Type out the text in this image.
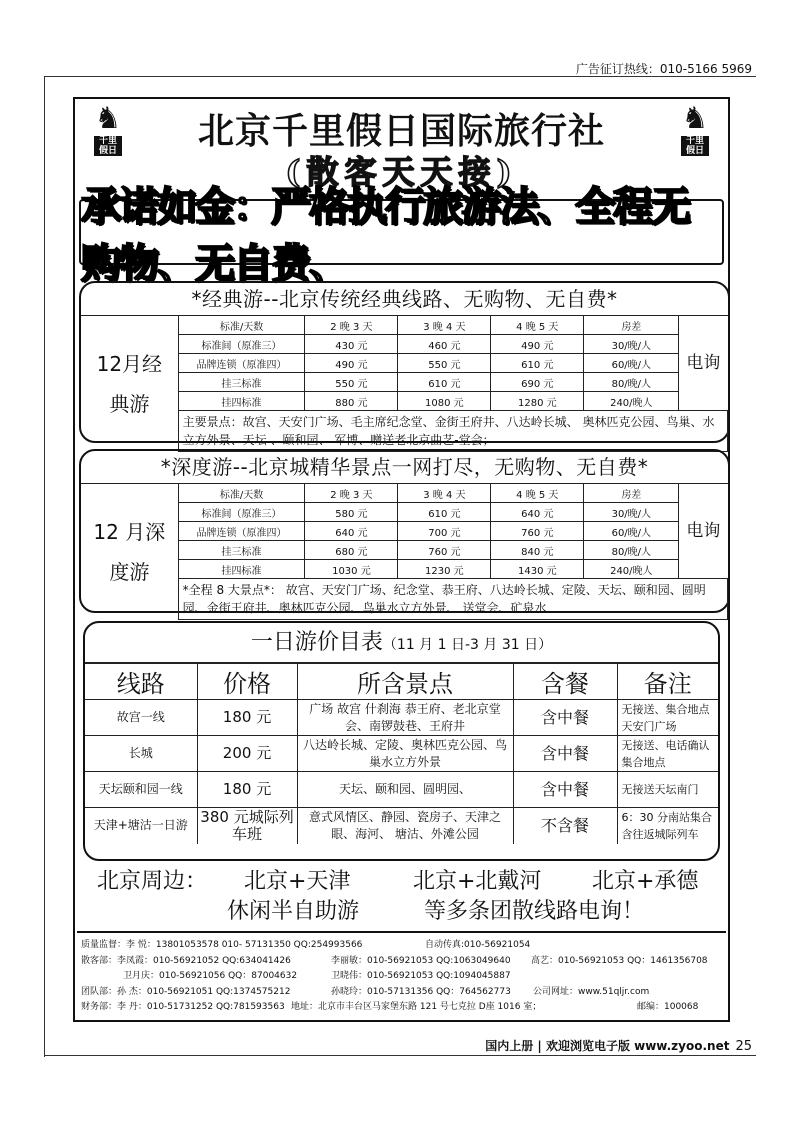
广告征订热线：010-5166 5969
♞
千里
假日
♞
千里
假日
北京千里假日国际旅行社
(散客天天接)
承诺如金：严格执行旅游法、全程无购物、无自费、
*经典游--北京传统经典线路、无购物、无自费*
12月经典游	标准/天数	2 晚 3 天	3 晚 4 天	4 晚 5 天	房差	电询
	标准间（原准三）	430 元	460 元	490 元	30/晚/人	
	品牌连锁（原准四）	490 元	550 元	610 元	60/晚/人	
	挂三标准	550 元	610 元	690 元	80/晚/人	
	挂四标准	880 元	1080 元	1280 元	240/晚人	
	主要景点：故宫、天安门广场、毛主席纪念堂、金街王府井、八达岭长城、 奥林匹克公园、鸟巢、水立方外景、天坛 、颐和园、 军博、赠送老北京曲艺-堂会；					
*深度游--北京城精华景点一网打尽，无购物、无自费*
12 月深度游	标准/天数	2 晚 3 天	3 晚 4 天	4 晚 5 天	房差	电询
	标准间（原准三）	580 元	610 元	640 元	30/晚/人	
	品牌连锁（原准四）	640 元	700 元	760 元	60/晚/人	
	挂三标准	680 元	760 元	840 元	80/晚/人	
	挂四标准	1030 元	1230 元	1430 元	240/晚人	
	*全程 8 大景点*： 故宫、天安门广场、纪念堂、恭王府、八达岭长城、定陵、天坛、颐和园、圆明园、金街王府井、奥林匹克公园、鸟巢水立方外景、 送堂会、矿泉水					
一日游价目表（11 月 1 日-3 月 31 日）
线路	价格	所含景点	含餐	备注
故宫一线	180 元	广场 故宫 什刹海 恭王府、老北京堂会、南锣鼓巷、王府井	含中餐	无接送、集合地点天安门广场
长城	200 元	八达岭长城、定陵、奥林匹克公园、鸟巢水立方外景	含中餐	无接送、电话确认集合地点
天坛颐和园一线	180 元	天坛、颐和园、圆明园、	含中餐	无接送天坛南门
天津+塘沽一日游	380 元城际列车班	意式风情区、静园、瓷房子、天津之眼、海河、 塘沽、外滩公园	不含餐	6：30 分南站集合含往返城际列车
北京周边： 北京+天津	北京+北戴河 北京+承德
休闲半自助游	等多条团散线路电询！
质量监督：李 悦：13801053578 010- 57131350 QQ:254993566	自动传真:010-56921054
散客部：李凤霞：010-56921052 QQ:634041426	李丽敏：010-56921053 QQ:1063049640 高艺：010-56921053 QQ：1461356708
卫月庆：010-56921056 QQ：87004632	卫晓伟：010-56921053 QQ:1094045887
团队部：孙 杰：010-56921051 QQ:1374575212	孙晓玲：010-57131356 QQ：764562773 公司网址：www.51qljr.com
财务部：李 丹：010-51731252 QQ:781593563 地址：北京市丰台区马家堡东路 121 号七克拉 D座 1016 室；	邮编：100068
国内上册 | 欢迎浏览电子版 www.zyoo.net 25
